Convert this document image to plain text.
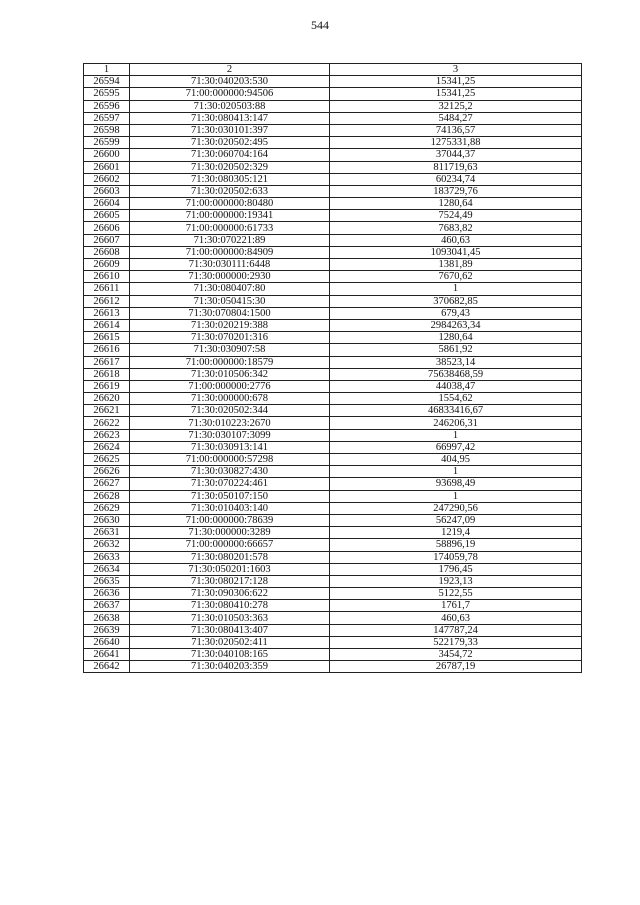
544
1	2	3
26594	71:30:040203:530	15341,25
26595	71:00:000000:94506	15341,25
26596	71:30:020503:88	32125,2
26597	71:30:080413:147	5484,27
26598	71:30:030101:397	74136,57
26599	71:30:020502:495	1275331,88
26600	71:30:060704:164	37044,37
26601	71:30:020502:329	811719,63
26602	71:30:080305:121	60234,74
26603	71:30:020502:633	183729,76
26604	71:00:000000:80480	1280,64
26605	71:00:000000:19341	7524,49
26606	71:00:000000:61733	7683,82
26607	71:30:070221:89	460,63
26608	71:00:000000:84909	1093041,45
26609	71:30:030111:6448	1381,89
26610	71:30:000000:2930	7670,62
26611	71:30:080407:80	1
26612	71:30:050415:30	370682,85
26613	71:30:070804:1500	679,43
26614	71:30:020219:388	2984263,34
26615	71:30:070201:316	1280,64
26616	71:30:030907:58	5861,92
26617	71:00:000000:18579	38523,14
26618	71:30:010506:342	75638468,59
26619	71:00:000000:2776	44038,47
26620	71:30:000000:678	1554,62
26621	71:30:020502:344	46833416,67
26622	71:30:010223:2670	246206,31
26623	71:30:030107:3099	1
26624	71:30:030913:141	66997,42
26625	71:00:000000:57298	404,95
26626	71:30:030827:430	1
26627	71:30:070224:461	93698,49
26628	71:30:050107:150	1
26629	71:30:010403:140	247290,56
26630	71:00:000000:78639	56247,09
26631	71:30:000000:3289	1219,4
26632	71:00:000000:66657	58896,19
26633	71:30:080201:578	174059,78
26634	71:30:050201:1603	1796,45
26635	71:30:080217:128	1923,13
26636	71:30:090306:622	5122,55
26637	71:30:080410:278	1761,7
26638	71:30:010503:363	460,63
26639	71:30:080413:407	147787,24
26640	71:30:020502:411	522179,33
26641	71:30:040108:165	3454,72
26642	71:30:040203:359	26787,19
